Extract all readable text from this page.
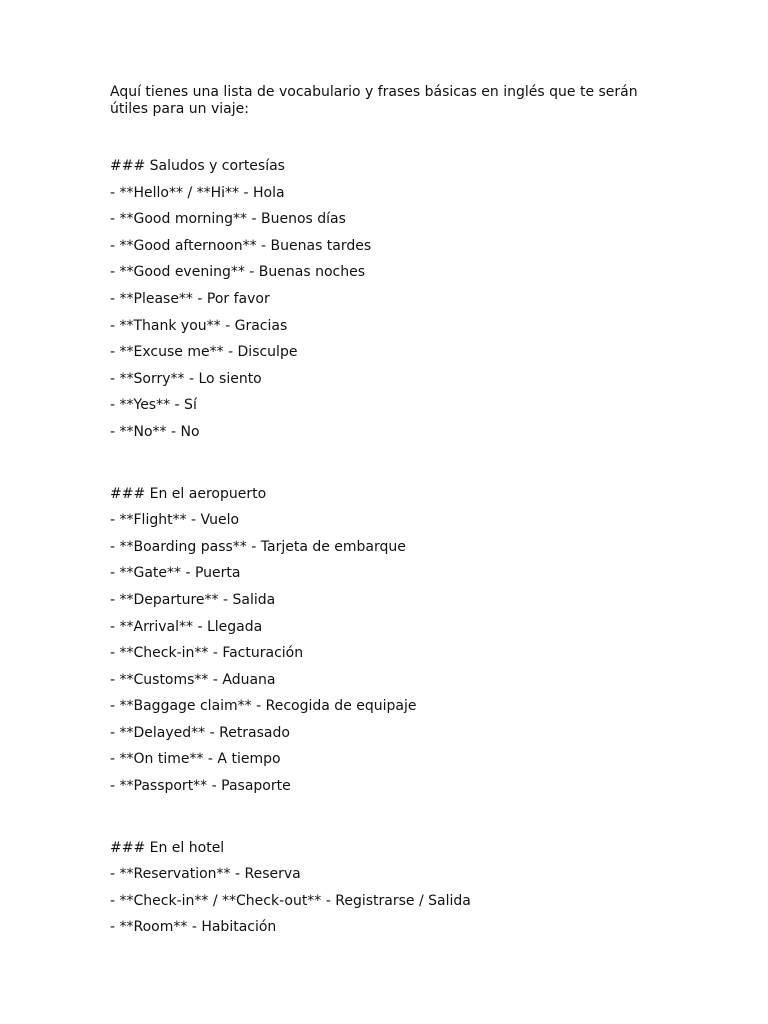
Aquí tienes una lista de vocabulario y frases básicas en inglés que te serán útiles para un viaje:

### Saludos y cortesías
- **Hello** / **Hi** - Hola
- **Good morning** - Buenos días
- **Good afternoon** - Buenas tardes
- **Good evening** - Buenas noches
- **Please** - Por favor
- **Thank you** - Gracias
- **Excuse me** - Disculpe
- **Sorry** - Lo siento
- **Yes** - Sí
- **No** - No
### En el aeropuerto
- **Flight** - Vuelo
- **Boarding pass** - Tarjeta de embarque
- **Gate** - Puerta
- **Departure** - Salida
- **Arrival** - Llegada
- **Check-in** - Facturación
- **Customs** - Aduana
- **Baggage claim** - Recogida de equipaje
- **Delayed** - Retrasado
- **On time** - A tiempo
- **Passport** - Pasaporte
### En el hotel
- **Reservation** - Reserva
- **Check-in** / **Check-out** - Registrarse / Salida
- **Room** - Habitación
